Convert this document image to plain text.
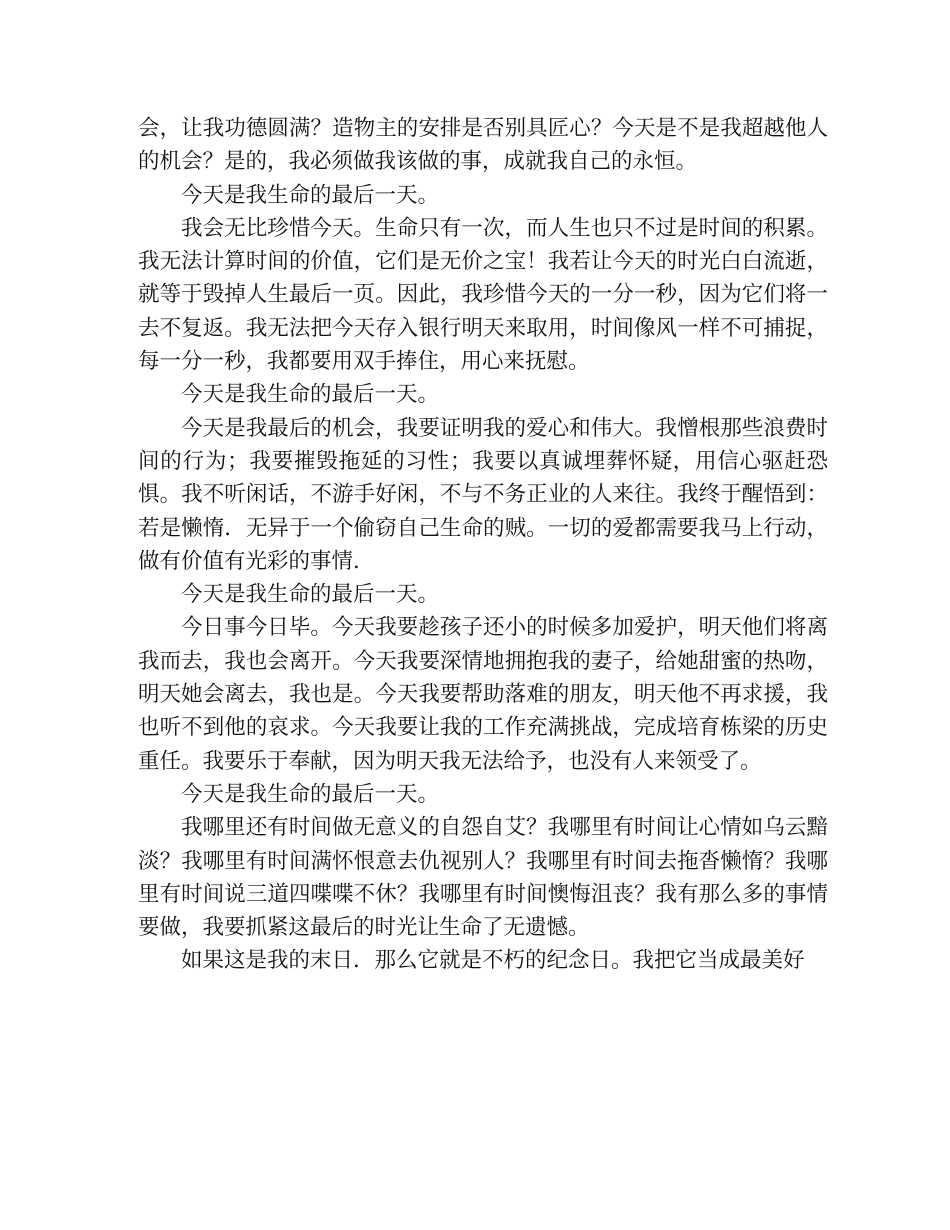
会，让我功德圆满？造物主的安排是否别具匠心？今天是不是我超越他人的机会？是的，我必须做我该做的事，成就我自己的永恒。

今天是我生命的最后一天。

我会无比珍惜今天。生命只有一次，而人生也只不过是时间的积累。我无法计算时间的价值，它们是无价之宝！我若让今天的时光白白流逝，就等于毁掉人生最后一页。因此，我珍惜今天的一分一秒，因为它们将一去不复返。我无法把今天存入银行明天来取用，时间像风一样不可捕捉，每一分一秒，我都要用双手捧住，用心来抚慰。

今天是我生命的最后一天。

今天是我最后的机会，我要证明我的爱心和伟大。我憎根那些浪费时间的行为；我要摧毁拖延的习性；我要以真诚埋葬怀疑，用信心驱赶恐惧。我不听闲话，不游手好闲，不与不务正业的人来往。我终于醒悟到：若是懒惰．无异于一个偷窃自己生命的贼。一切的爱都需要我马上行动，做有价值有光彩的事情．

今天是我生命的最后一天。

今日事今日毕。今天我要趁孩子还小的时候多加爱护，明天他们将离我而去，我也会离开。今天我要深情地拥抱我的妻子，给她甜蜜的热吻，明天她会离去，我也是。今天我要帮助落难的朋友，明天他不再求援，我也听不到他的哀求。今天我要让我的工作充满挑战，完成培育栋梁的历史重任。我要乐于奉献，因为明天我无法给予，也没有人来领受了。

今天是我生命的最后一天。

我哪里还有时间做无意义的自怨自艾？我哪里有时间让心情如乌云黯淡？我哪里有时间满怀恨意去仇视别人？我哪里有时间去拖沓懒惰？我哪里有时间说三道四喋喋不休？我哪里有时间懊悔沮丧？我有那么多的事情要做，我要抓紧这最后的时光让生命了无遗憾。

如果这是我的末日．那么它就是不朽的纪念日。我把它当成最美好
